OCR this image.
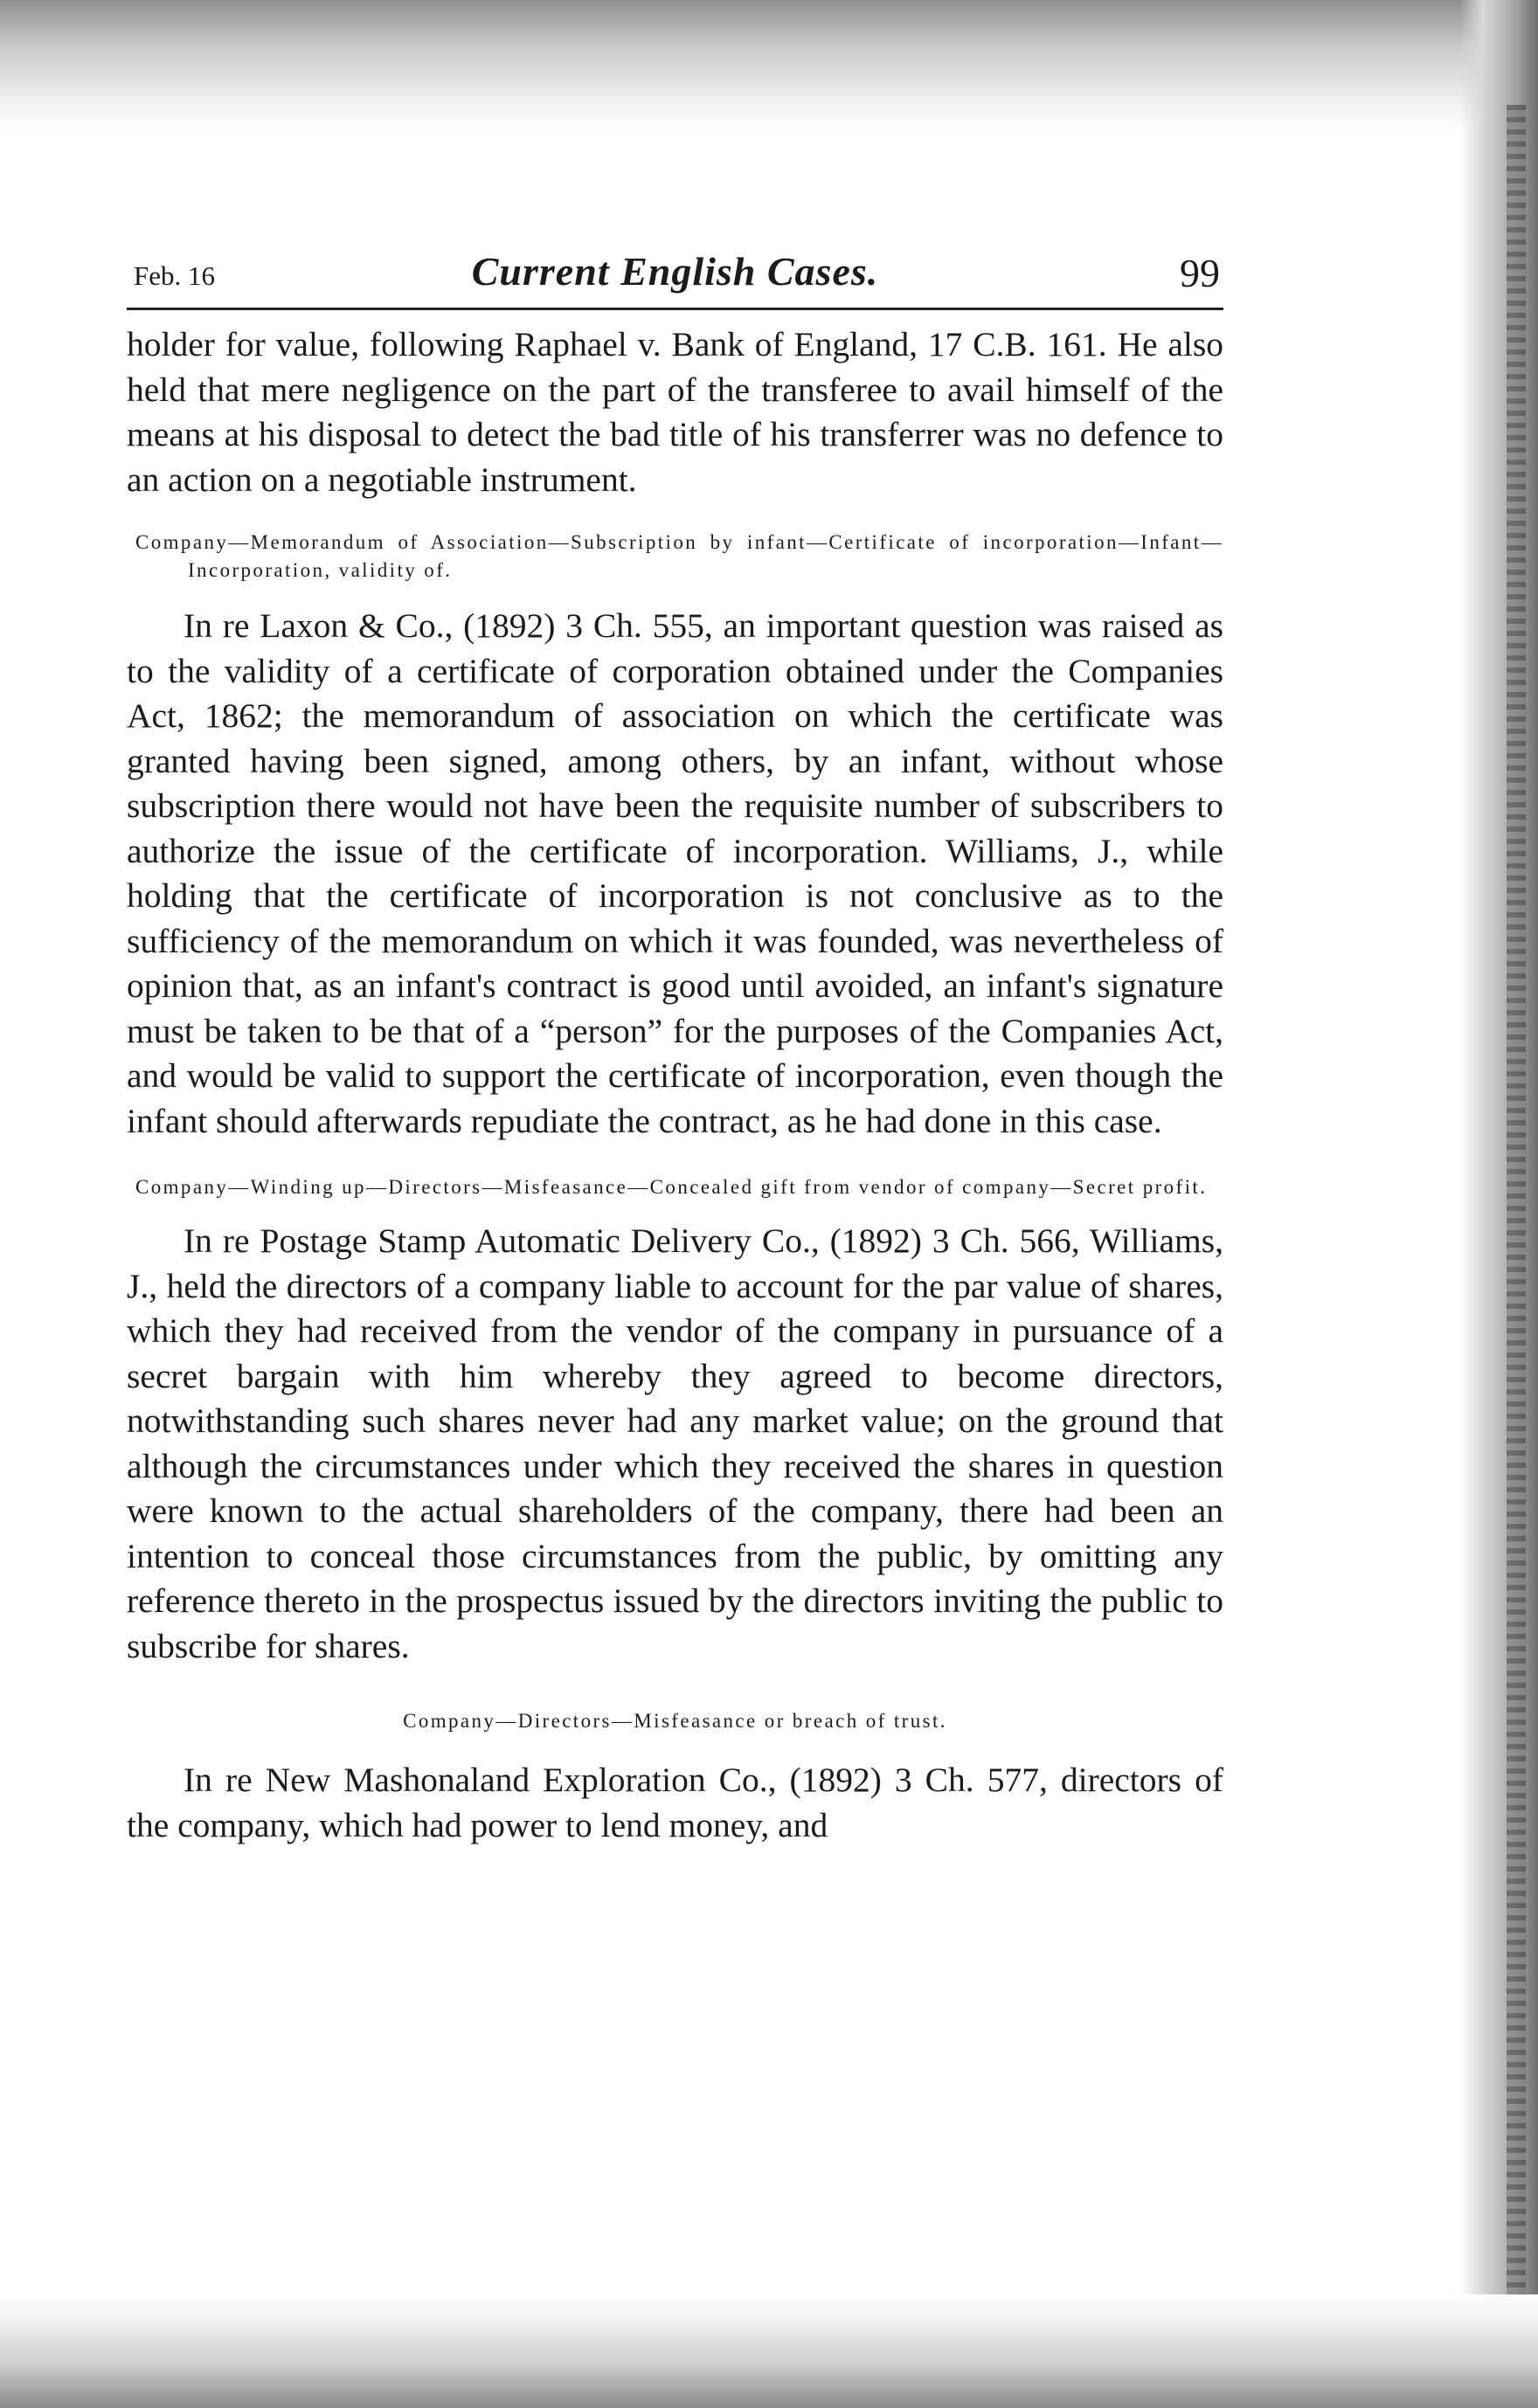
Feb. 16	Current English Cases.	99

holder for value, following Raphael v. Bank of England, 17 C.B. 161. He also held that mere negligence on the part of the transferee to avail himself of the means at his disposal to detect the bad title of his transferrer was no defence to an action on a negotiable instrument.

Company—Memorandum of Association—Subscription by infant—Certificate of incorporation—Infant—Incorporation, validity of.

In re Laxon & Co., (1892) 3 Ch. 555, an important question was raised as to the validity of a certificate of corporation obtained under the Companies Act, 1862; the memorandum of association on which the certificate was granted having been signed, among others, by an infant, without whose subscription there would not have been the requisite number of subscribers to authorize the issue of the certificate of incorporation. Williams, J., while holding that the certificate of incorporation is not conclusive as to the sufficiency of the memorandum on which it was founded, was nevertheless of opinion that, as an infant's contract is good until avoided, an infant's signature must be taken to be that of a “person” for the purposes of the Companies Act, and would be valid to support the certificate of incorporation, even though the infant should afterwards repudiate the contract, as he had done in this case.

Company—Winding up—Directors—Misfeasance—Concealed gift from vendor of company—Secret profit.

In re Postage Stamp Automatic Delivery Co., (1892) 3 Ch. 566, Williams, J., held the directors of a company liable to account for the par value of shares, which they had received from the vendor of the company in pursuance of a secret bargain with him whereby they agreed to become directors, notwithstanding such shares never had any market value; on the ground that although the circumstances under which they received the shares in question were known to the actual shareholders of the company, there had been an intention to conceal those circumstances from the public, by omitting any reference thereto in the prospectus issued by the directors inviting the public to subscribe for shares.

Company—Directors—Misfeasance or breach of trust.

In re New Mashonaland Exploration Co., (1892) 3 Ch. 577, directors of the company, which had power to lend money, and
